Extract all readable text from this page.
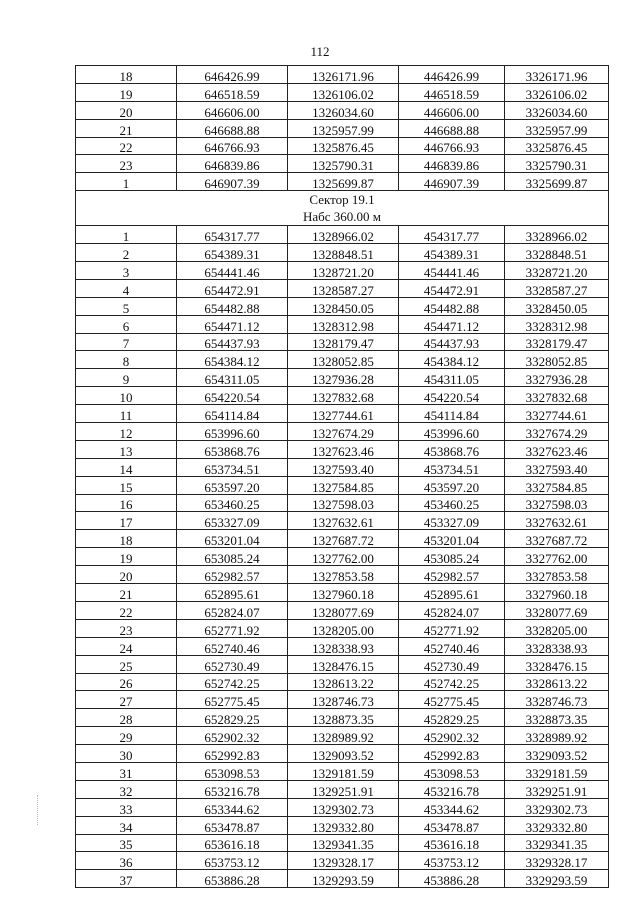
112
18	646426.99	1326171.96	446426.99	3326171.96
19	646518.59	1326106.02	446518.59	3326106.02
20	646606.00	1326034.60	446606.00	3326034.60
21	646688.88	1325957.99	446688.88	3325957.99
22	646766.93	1325876.45	446766.93	3325876.45
23	646839.86	1325790.31	446839.86	3325790.31
1	646907.39	1325699.87	446907.39	3325699.87

Сектор 19.1
Набс 360.00 м				

1	654317.77	1328966.02	454317.77	3328966.02
2	654389.31	1328848.51	454389.31	3328848.51
3	654441.46	1328721.20	454441.46	3328721.20
4	654472.91	1328587.27	454472.91	3328587.27
5	654482.88	1328450.05	454482.88	3328450.05
6	654471.12	1328312.98	454471.12	3328312.98
7	654437.93	1328179.47	454437.93	3328179.47
8	654384.12	1328052.85	454384.12	3328052.85
9	654311.05	1327936.28	454311.05	3327936.28
10	654220.54	1327832.68	454220.54	3327832.68
11	654114.84	1327744.61	454114.84	3327744.61
12	653996.60	1327674.29	453996.60	3327674.29
13	653868.76	1327623.46	453868.76	3327623.46
14	653734.51	1327593.40	453734.51	3327593.40
15	653597.20	1327584.85	453597.20	3327584.85
16	653460.25	1327598.03	453460.25	3327598.03
17	653327.09	1327632.61	453327.09	3327632.61
18	653201.04	1327687.72	453201.04	3327687.72
19	653085.24	1327762.00	453085.24	3327762.00
20	652982.57	1327853.58	452982.57	3327853.58
21	652895.61	1327960.18	452895.61	3327960.18
22	652824.07	1328077.69	452824.07	3328077.69
23	652771.92	1328205.00	452771.92	3328205.00
24	652740.46	1328338.93	452740.46	3328338.93
25	652730.49	1328476.15	452730.49	3328476.15
26	652742.25	1328613.22	452742.25	3328613.22
27	652775.45	1328746.73	452775.45	3328746.73
28	652829.25	1328873.35	452829.25	3328873.35
29	652902.32	1328989.92	452902.32	3328989.92
30	652992.83	1329093.52	452992.83	3329093.52
31	653098.53	1329181.59	453098.53	3329181.59
32	653216.78	1329251.91	453216.78	3329251.91
33	653344.62	1329302.73	453344.62	3329302.73
34	653478.87	1329332.80	453478.87	3329332.80
35	653616.18	1329341.35	453616.18	3329341.35
36	653753.12	1329328.17	453753.12	3329328.17
37	653886.28	1329293.59	453886.28	3329293.59
